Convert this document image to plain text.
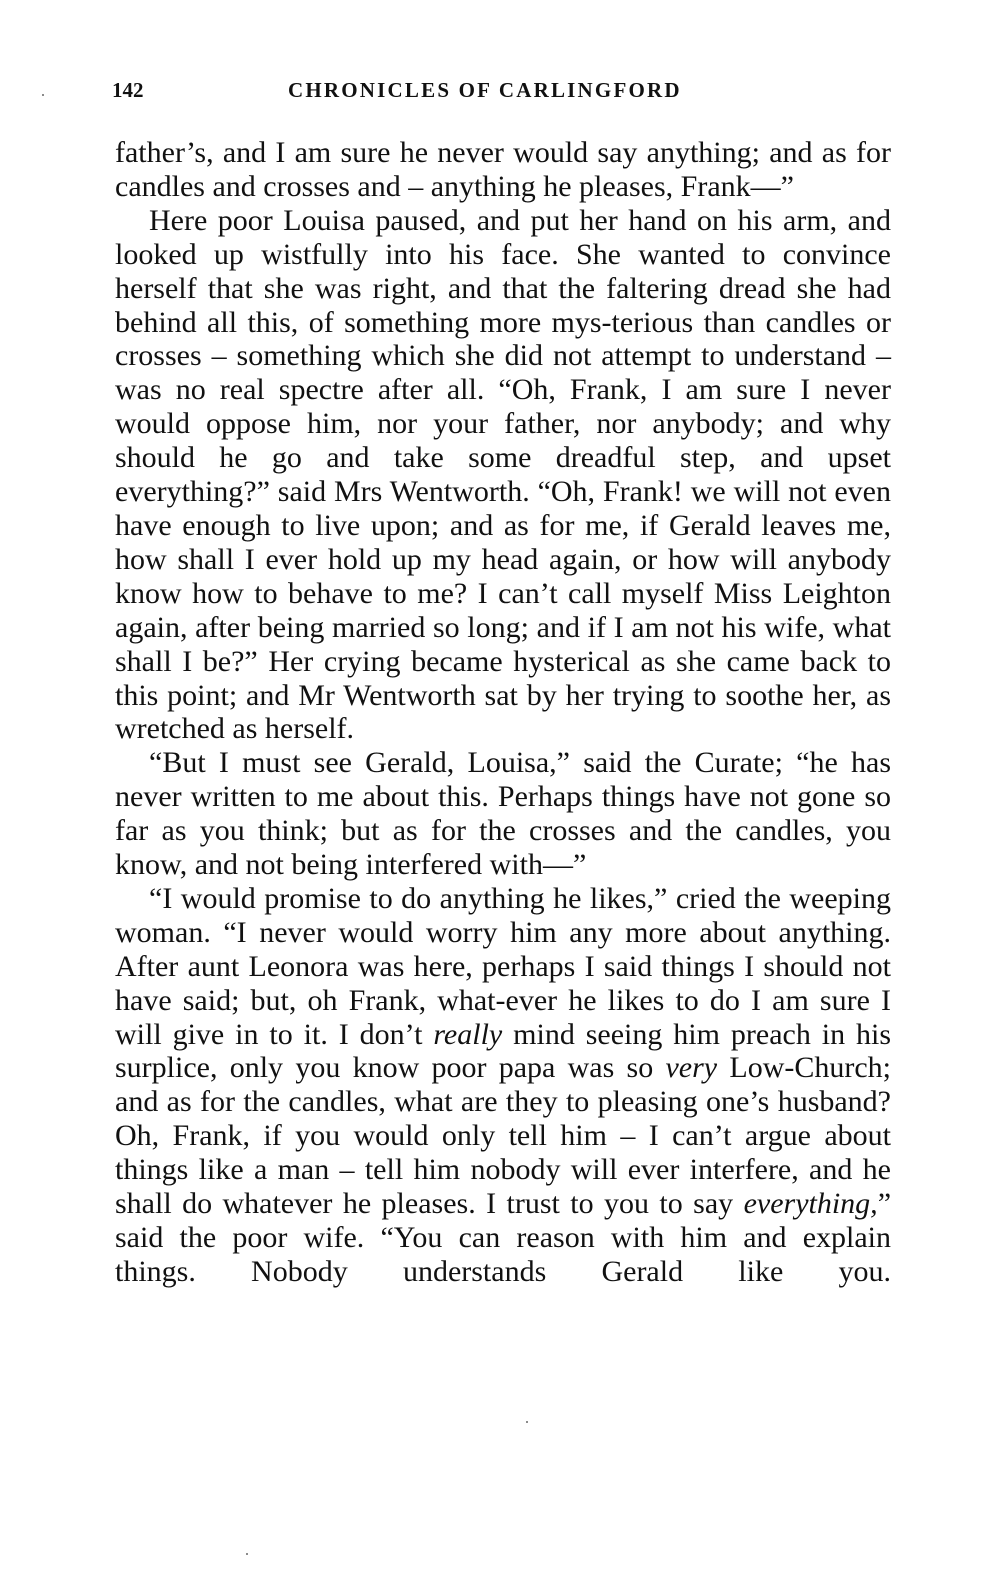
142	CHRONICLES OF CARLINGFORD

father’s, and I am sure he never would say anything; and as for candles and crosses and – anything he pleases, Frank—”

Here poor Louisa paused, and put her hand on his arm, and looked up wistfully into his face. She wanted to convince herself that she was right, and that the faltering dread she had behind all this, of something more mys-terious than candles or crosses – something which she did not attempt to understand – was no real spectre after all. “Oh, Frank, I am sure I never would oppose him, nor your father, nor anybody; and why should he go and take some dreadful step, and upset everything?” said Mrs Wentworth. “Oh, Frank! we will not even have enough to live upon; and as for me, if Gerald leaves me, how shall I ever hold up my head again, or how will anybody know how to behave to me? I can’t call myself Miss Leighton again, after being married so long; and if I am not his wife, what shall I be?” Her crying became hysterical as she came back to this point; and Mr Wentworth sat by her trying to soothe her, as wretched as herself.

“But I must see Gerald, Louisa,” said the Curate; “he has never written to me about this. Perhaps things have not gone so far as you think; but as for the crosses and the candles, you know, and not being interfered with—”

“I would promise to do anything he likes,” cried the weeping woman. “I never would worry him any more about anything. After aunt Leonora was here, perhaps I said things I should not have said; but, oh Frank, what-ever he likes to do I am sure I will give in to it. I don’t really mind seeing him preach in his surplice, only you know poor papa was so very Low-Church; and as for the candles, what are they to pleasing one’s husband? Oh, Frank, if you would only tell him – I can’t argue about things like a man – tell him nobody will ever interfere, and he shall do whatever he pleases. I trust to you to say everything,” said the poor wife. “You can reason with him and explain things. Nobody understands Gerald like you.
